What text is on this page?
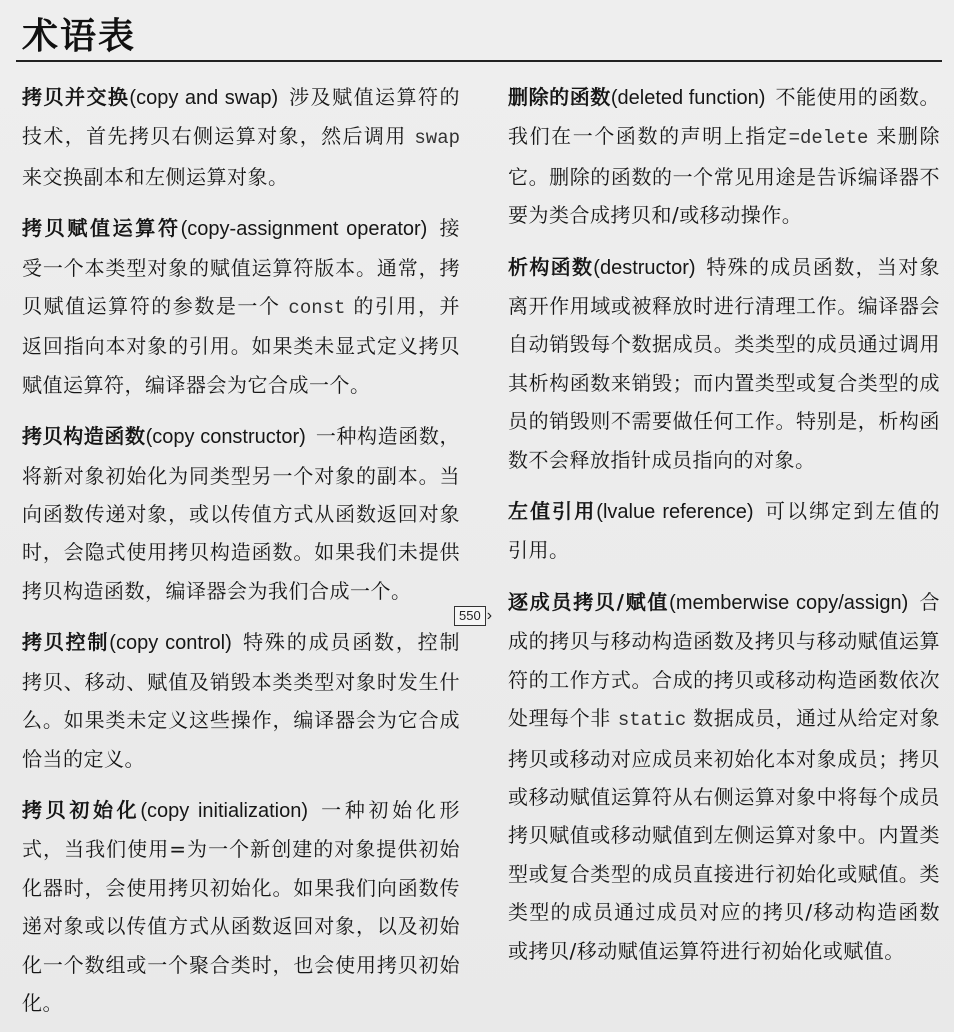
术语表

拷贝并交换(copy and swap) 涉及赋值运算符的技术，首先拷贝右侧运算对象，然后调用 swap 来交换副本和左侧运算对象。

拷贝赋值运算符(copy-assignment operator) 接受一个本类型对象的赋值运算符版本。通常，拷贝赋值运算符的参数是一个 const 的引用，并返回指向本对象的引用。如果类未显式定义拷贝赋值运算符，编译器会为它合成一个。

拷贝构造函数(copy constructor) 一种构造函数，将新对象初始化为同类型另一个对象的副本。当向函数传递对象，或以传值方式从函数返回对象时，会隐式使用拷贝构造函数。如果我们未提供拷贝构造函数，编译器会为我们合成一个。

拷贝控制(copy control) 特殊的成员函数，控制拷贝、移动、赋值及销毁本类类型对象时发生什么。如果类未定义这些操作，编译器会为它合成恰当的定义。

拷贝初始化(copy initialization) 一种初始化形式，当我们使用=为一个新创建的对象提供初始化器时，会使用拷贝初始化。如果我们向函数传递对象或以传值方式从函数返回对象，以及初始化一个数组或一个聚合类时，也会使用拷贝初始化。

删除的函数(deleted function) 不能使用的函数。我们在一个函数的声明上指定=delete 来删除它。删除的函数的一个常见用途是告诉编译器不要为类合成拷贝和/或移动操作。

析构函数(destructor) 特殊的成员函数，当对象离开作用域或被释放时进行清理工作。编译器会自动销毁每个数据成员。类类型的成员通过调用其析构函数来销毁；而内置类型或复合类型的成员的销毁则不需要做任何工作。特别是，析构函数不会释放指针成员指向的对象。

左值引用(lvalue reference) 可以绑定到左值的引用。

逐成员拷贝/赋值(memberwise copy/assign) 合成的拷贝与移动构造函数及拷贝与移动赋值运算符的工作方式。合成的拷贝或移动构造函数依次处理每个非 static 数据成员，通过从给定对象拷贝或移动对应成员来初始化本对象成员；拷贝或移动赋值运算符从右侧运算对象中将每个成员拷贝赋值或移动赋值到左侧运算对象中。内置类型或复合类型的成员直接进行初始化或赋值。类类型的成员通过成员对应的拷贝/移动构造函数或拷贝/移动赋值运算符进行初始化或赋值。

550 ›
